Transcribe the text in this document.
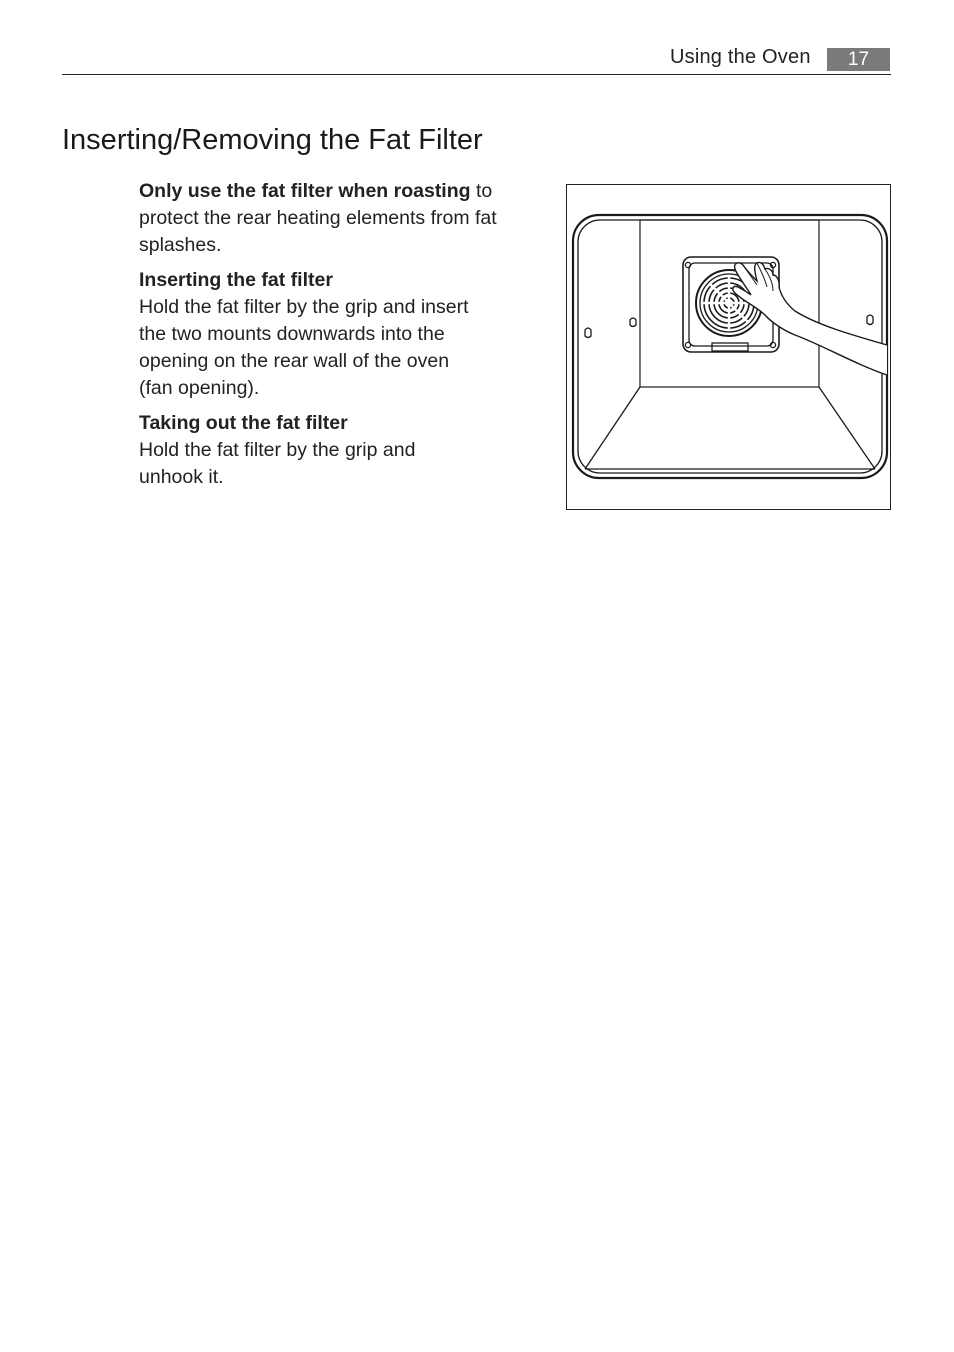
Using the Oven	17
Inserting/Removing the Fat Filter

Only use the fat filter when roasting to protect the rear heating elements from fat splashes.

Inserting the fat filter

Hold the fat filter by the grip and insert the two mounts downwards into the opening on the rear wall of the oven (fan opening).

Taking out the fat filter

Hold the fat filter by the grip and unhook it.
